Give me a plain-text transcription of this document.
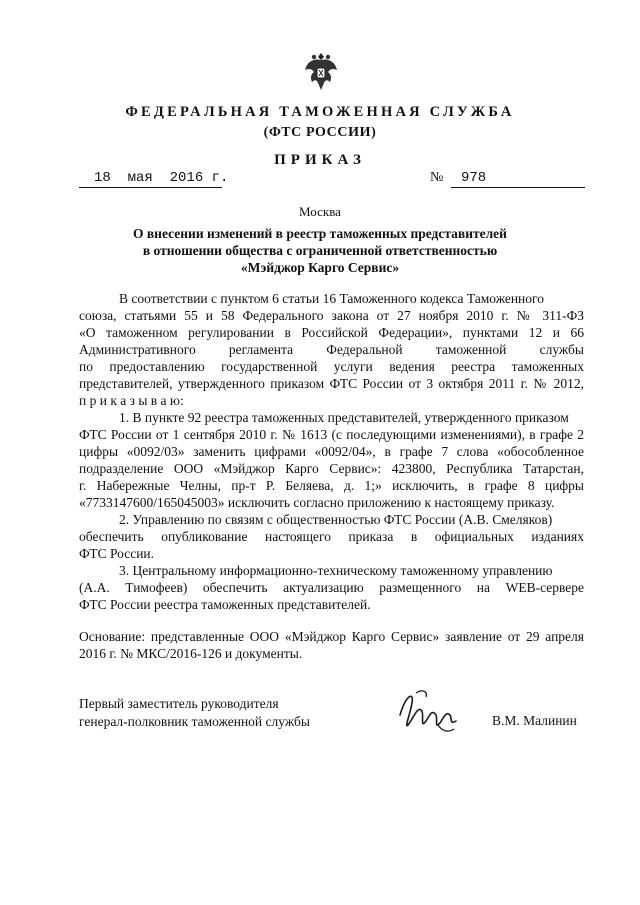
ФЕДЕРАЛЬНАЯ ТАМОЖЕННАЯ СЛУЖБА
(ФТС РОССИИ)
ПРИКАЗ
18  мая  2016 г.	№ 978
Москва
О внесении изменений в реестр таможенных представителей
в отношении общества с ограниченной ответственностью
«Мэйджор Карго Сервис»
В соответствии с пунктом 6 статьи 16 Таможенного кодекса Таможенного
союза, статьями 55 и 58 Федерального закона от 27 ноября 2010 г. № 311-ФЗ
«О таможенном регулировании в Российской Федерации», пунктами 12 и 66
Административного регламента Федеральной таможенной службы
по предоставлению государственной услуги ведения реестра таможенных
представителей, утвержденного приказом ФТС России от 3 октября 2011 г. № 2012,
п р и к а з ы в а ю:
1. В пункте 92 реестра таможенных представителей, утвержденного приказом
ФТС России от 1 сентября 2010 г. № 1613 (с последующими изменениями), в графе 2
цифры «0092/03» заменить цифрами «0092/04», в графе 7 слова «обособленное
подразделение ООО «Мэйджор Карго Сервис»: 423800, Республика Татарстан,
г. Набережные Челны, пр-т Р. Беляева, д. 1;» исключить, в графе 8 цифры
«7733147600/165045003» исключить согласно приложению к настоящему приказу.
2. Управлению по связям с общественностью ФТС России (А.В. Смеляков)
обеспечить опубликование настоящего приказа в официальных изданиях
ФТС России.
3. Центральному информационно-техническому таможенному управлению
(А.А. Тимофеев) обеспечить актуализацию размещенного на WEB-сервере
ФТС России реестра таможенных представителей.
Основание: представленные ООО «Мэйджор Карго Сервис» заявление от 29 апреля
2016 г. № МКС/2016-126 и документы.
Первый заместитель руководителя
генерал-полковник таможенной службы	В.М. Малинин
